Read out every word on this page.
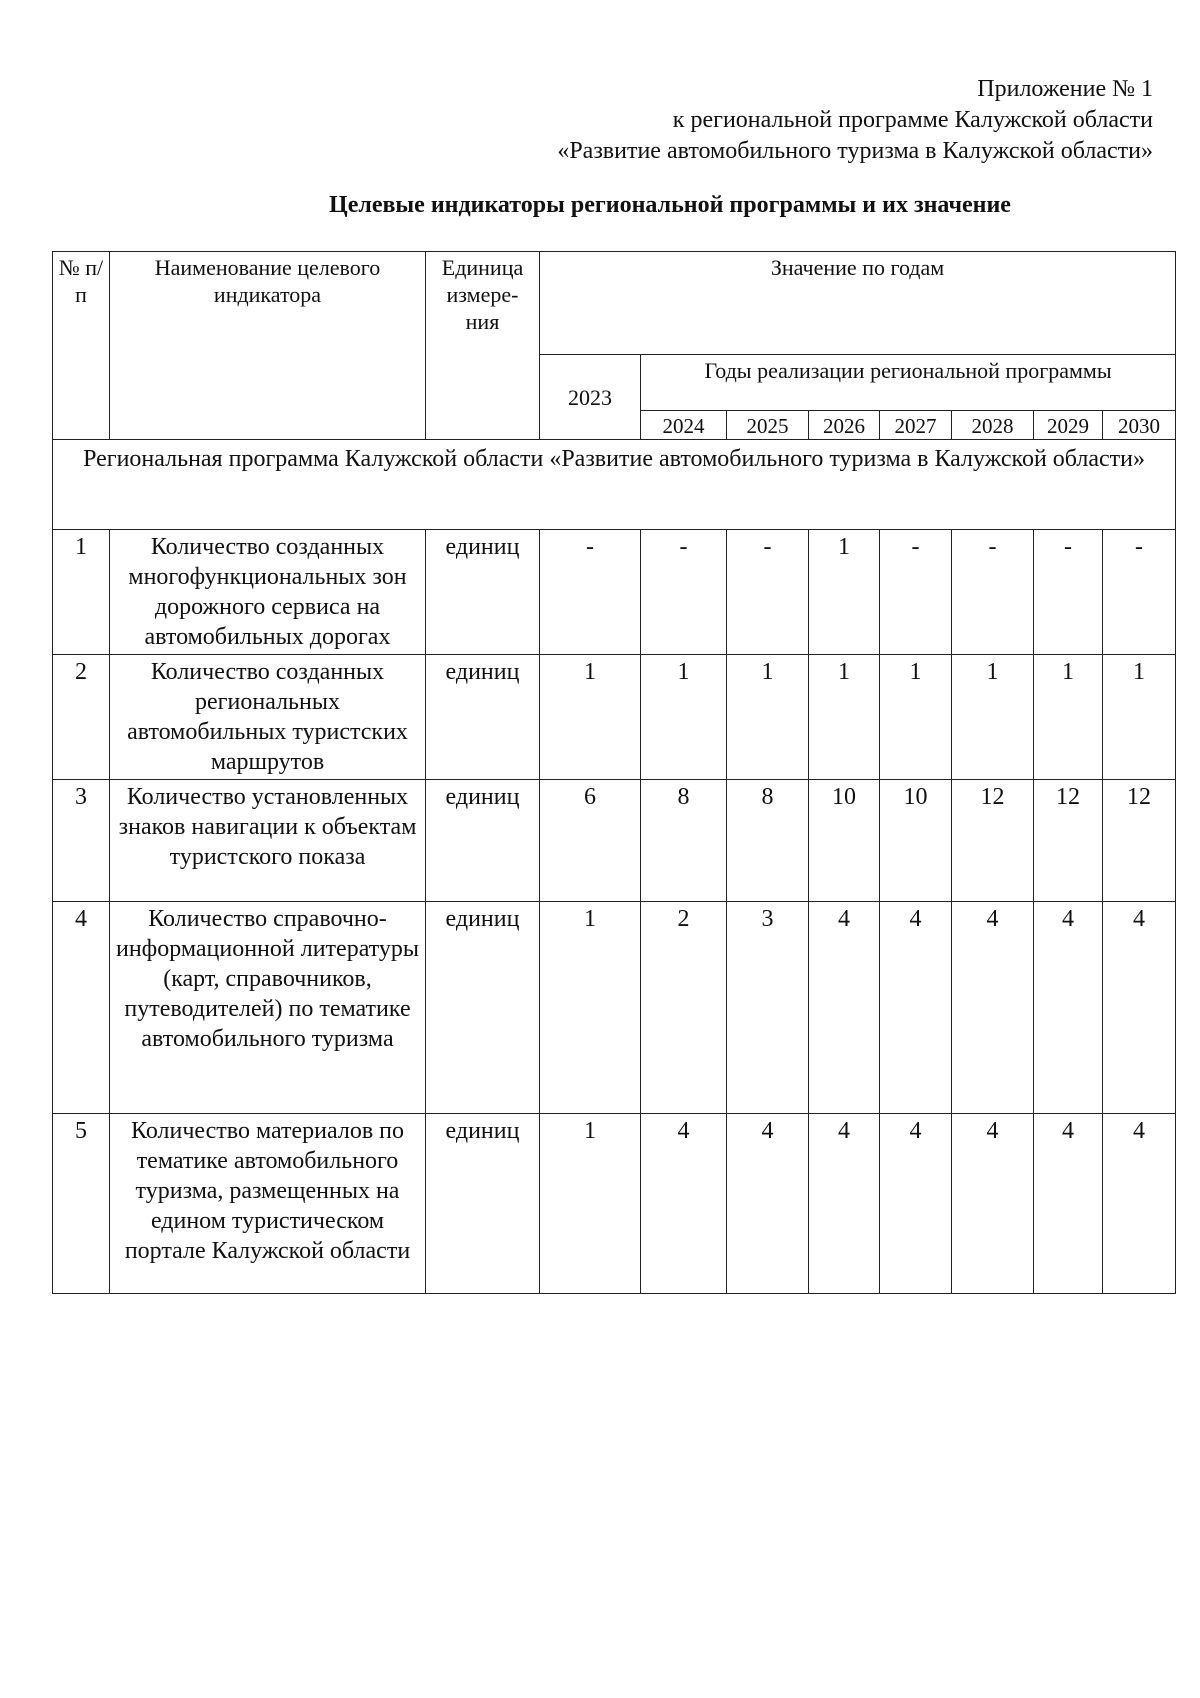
Приложение № 1
к региональной программе Калужской области
«Развитие автомобильного туризма в Калужской области»
Целевые индикаторы региональной программы и их значение
№ п/п	Наименование целевого индикатора	Единица измере-ния	Значение по годам							
			2023	Годы реализации региональной программы						
				2024	2025	2026	2027	2028	2029	2030
Региональная программа Калужской области «Развитие автомобильного туризма в Калужской области»										
1	Количество созданных многофункциональных зон дорожного сервиса на автомобильных дорогах	единиц	-	-	-	1	-	-	-	-
2	Количество созданных региональных автомобильных туристских маршрутов	единиц	1	1	1	1	1	1	1	1
3	Количество установленных знаков навигации к объектам туристского показа	единиц	6	8	8	10	10	12	12	12
4	Количество справочно-информационной литературы (карт, справочников, путеводителей) по тематике автомобильного туризма	единиц	1	2	3	4	4	4	4	4
5	Количество материалов по тематике автомобильного туризма, размещенных на едином туристическом портале Калужской области	единиц	1	4	4	4	4	4	4	4
